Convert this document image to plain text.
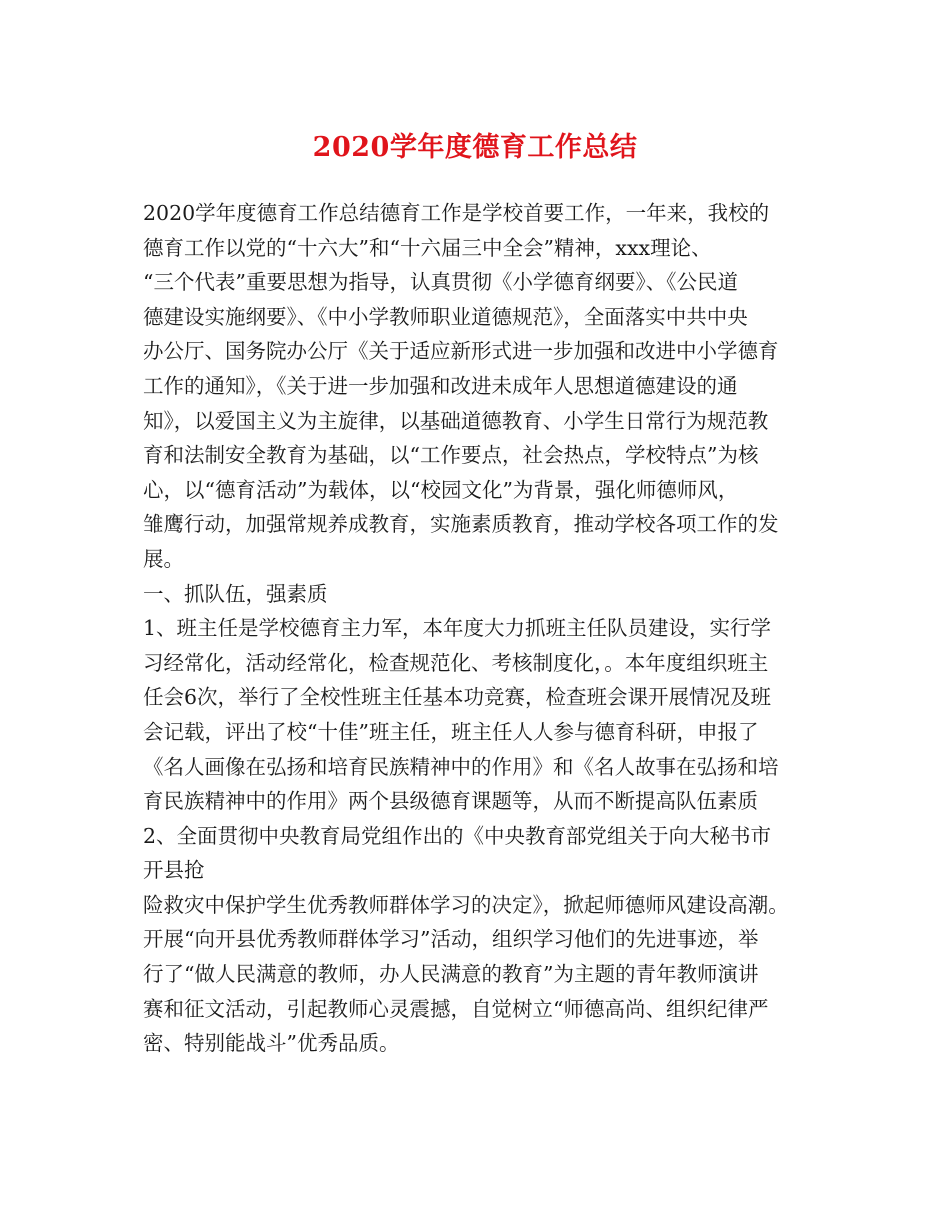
2020学年度德育工作总结
2020学年度德育工作总结德育工作是学校首要工作，一年来，我校的
德育工作以党的“十六大”和“十六届三中全会”精神，xxx理论、
“三个代表”重要思想为指导，认真贯彻《小学德育纲要》、《公民道
德建设实施纲要》、《中小学教师职业道德规范》，全面落实中共中央
办公厅、国务院办公厅《关于适应新形式进一步加强和改进中小学德育
工作的通知》，《关于进一步加强和改进未成年人思想道德建设的通
知》，以爱国主义为主旋律，以基础道德教育、小学生日常行为规范教
育和法制安全教育为基础，以“工作要点，社会热点，学校特点”为核
心，以“德育活动”为载体，以“校园文化”为背景，强化师德师风，
雏鹰行动，加强常规养成教育，实施素质教育，推动学校各项工作的发
展。
一、抓队伍，强素质
1、班主任是学校德育主力军，本年度大力抓班主任队员建设，实行学
习经常化，活动经常化，检查规范化、考核制度化，。本年度组织班主
任会6次，举行了全校性班主任基本功竞赛，检查班会课开展情况及班
会记载，评出了校“十佳”班主任，班主任人人参与德育科研，申报了
《名人画像在弘扬和培育民族精神中的作用》和《名人故事在弘扬和培
育民族精神中的作用》两个县级德育课题等，从而不断提高队伍素质
2、全面贯彻中央教育局党组作出的《中央教育部党组关于向大秘书市
开县抢
险救灾中保护学生优秀教师群体学习的决定》，掀起师德师风建设高潮。
开展“向开县优秀教师群体学习”活动，组织学习他们的先进事迹，举
行了“做人民满意的教师，办人民满意的教育”为主题的青年教师演讲
赛和征文活动，引起教师心灵震撼，自觉树立“师德高尚、组织纪律严
密、特别能战斗”优秀品质。
